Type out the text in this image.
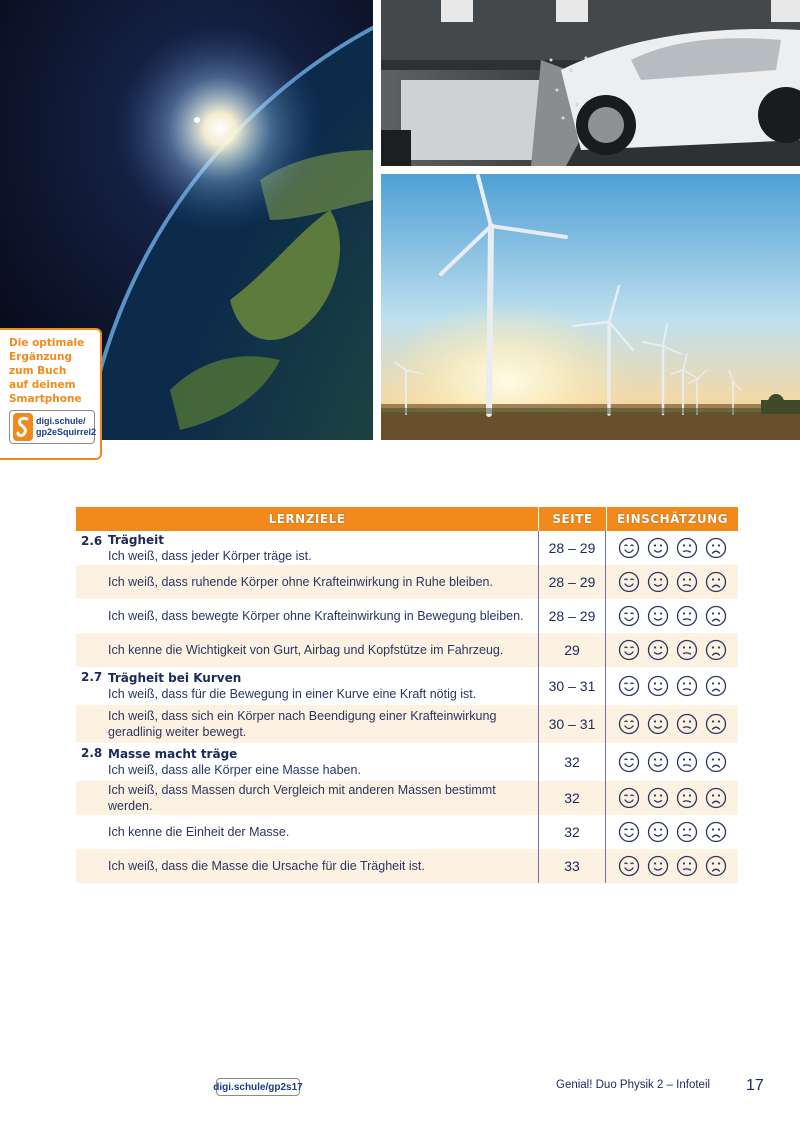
Die optimale
Ergänzung
zum Buch
auf deinem
Smartphone
digi.schule/
gp2eSquirrel2
LERNZIELE	SEITE	EINSCHÄTZUNG
2.6 Trägheit
Ich weiß, dass jeder Körper träge ist.	28 – 29
Ich weiß, dass ruhende Körper ohne Krafteinwirkung in Ruhe bleiben.	28 – 29
Ich weiß, dass bewegte Körper ohne Krafteinwirkung in Bewegung bleiben.	28 – 29
Ich kenne die Wichtigkeit von Gurt, Airbag und Kopfstütze im Fahrzeug.	29
2.7 Trägheit bei Kurven
Ich weiß, dass für die Bewegung in einer Kurve eine Kraft nötig ist.	30 – 31
Ich weiß, dass sich ein Körper nach Beendigung einer Krafteinwirkung geradlinig weiter bewegt.	30 – 31
2.8 Masse macht träge
Ich weiß, dass alle Körper eine Masse haben.	32
Ich weiß, dass Massen durch Vergleich mit anderen Massen bestimmt werden.	32
Ich kenne die Einheit der Masse.	32
Ich weiß, dass die Masse die Ursache für die Trägheit ist.	33
digi.schule/gp2s17	Genial! Duo Physik 2 – Infoteil 17
